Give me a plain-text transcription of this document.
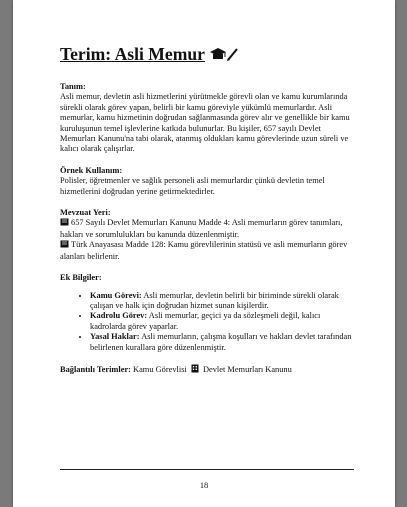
Terim: Asli Memur
Tanım:
Asli memur, devletin asli hizmetlerini yürütmekle görevli olan ve kamu kurumlarında sürekli olarak görev yapan, belirli bir kamu göreviyle yükümlü memurlardır. Asli memurlar, kamu hizmetinin doğrudan sağlanmasında görev alır ve genellikle bir kamu kuruluşunun temel işlevlerine katkıda bulunurlar. Bu kişiler, 657 sayılı Devlet Memurları Kanunu'na tabi olarak, atanmış oldukları kamu görevlerinde uzun süreli ve kalıcı olarak çalışırlar.
Örnek Kullanım:
Polisler, öğretmenler ve sağlık personeli asli memurlardır çünkü devletin temel hizmetlerini doğrudan yerine getirmektedirler.
Mevzuat Yeri:
657 Sayılı Devlet Memurları Kanunu Madde 4: Asli memurların görev tanımları, hakları ve sorumlulukları bu kanunda düzenlenmiştir.
Türk Anayasası Madde 128: Kamu görevlilerinin statüsü ve asli memurların görev alanları belirlenir.
Ek Bilgiler:
• Kamu Görevi: Asli memurlar, devletin belirli bir biriminde sürekli olarak çalışan ve halk için doğrudan hizmet sunan kişilerdir.
• Kadrolu Görev: Asli memurlar, geçici ya da sözleşmeli değil, kalıcı kadrolarda görev yaparlar.
• Yasal Haklar: Asli memurların, çalışma koşulları ve hakları devlet tarafından belirlenen kurallara göre düzenlenmiştir.
Bağlantılı Terimler: Kamu Görevlisi Devlet Memurları Kanunu
18
